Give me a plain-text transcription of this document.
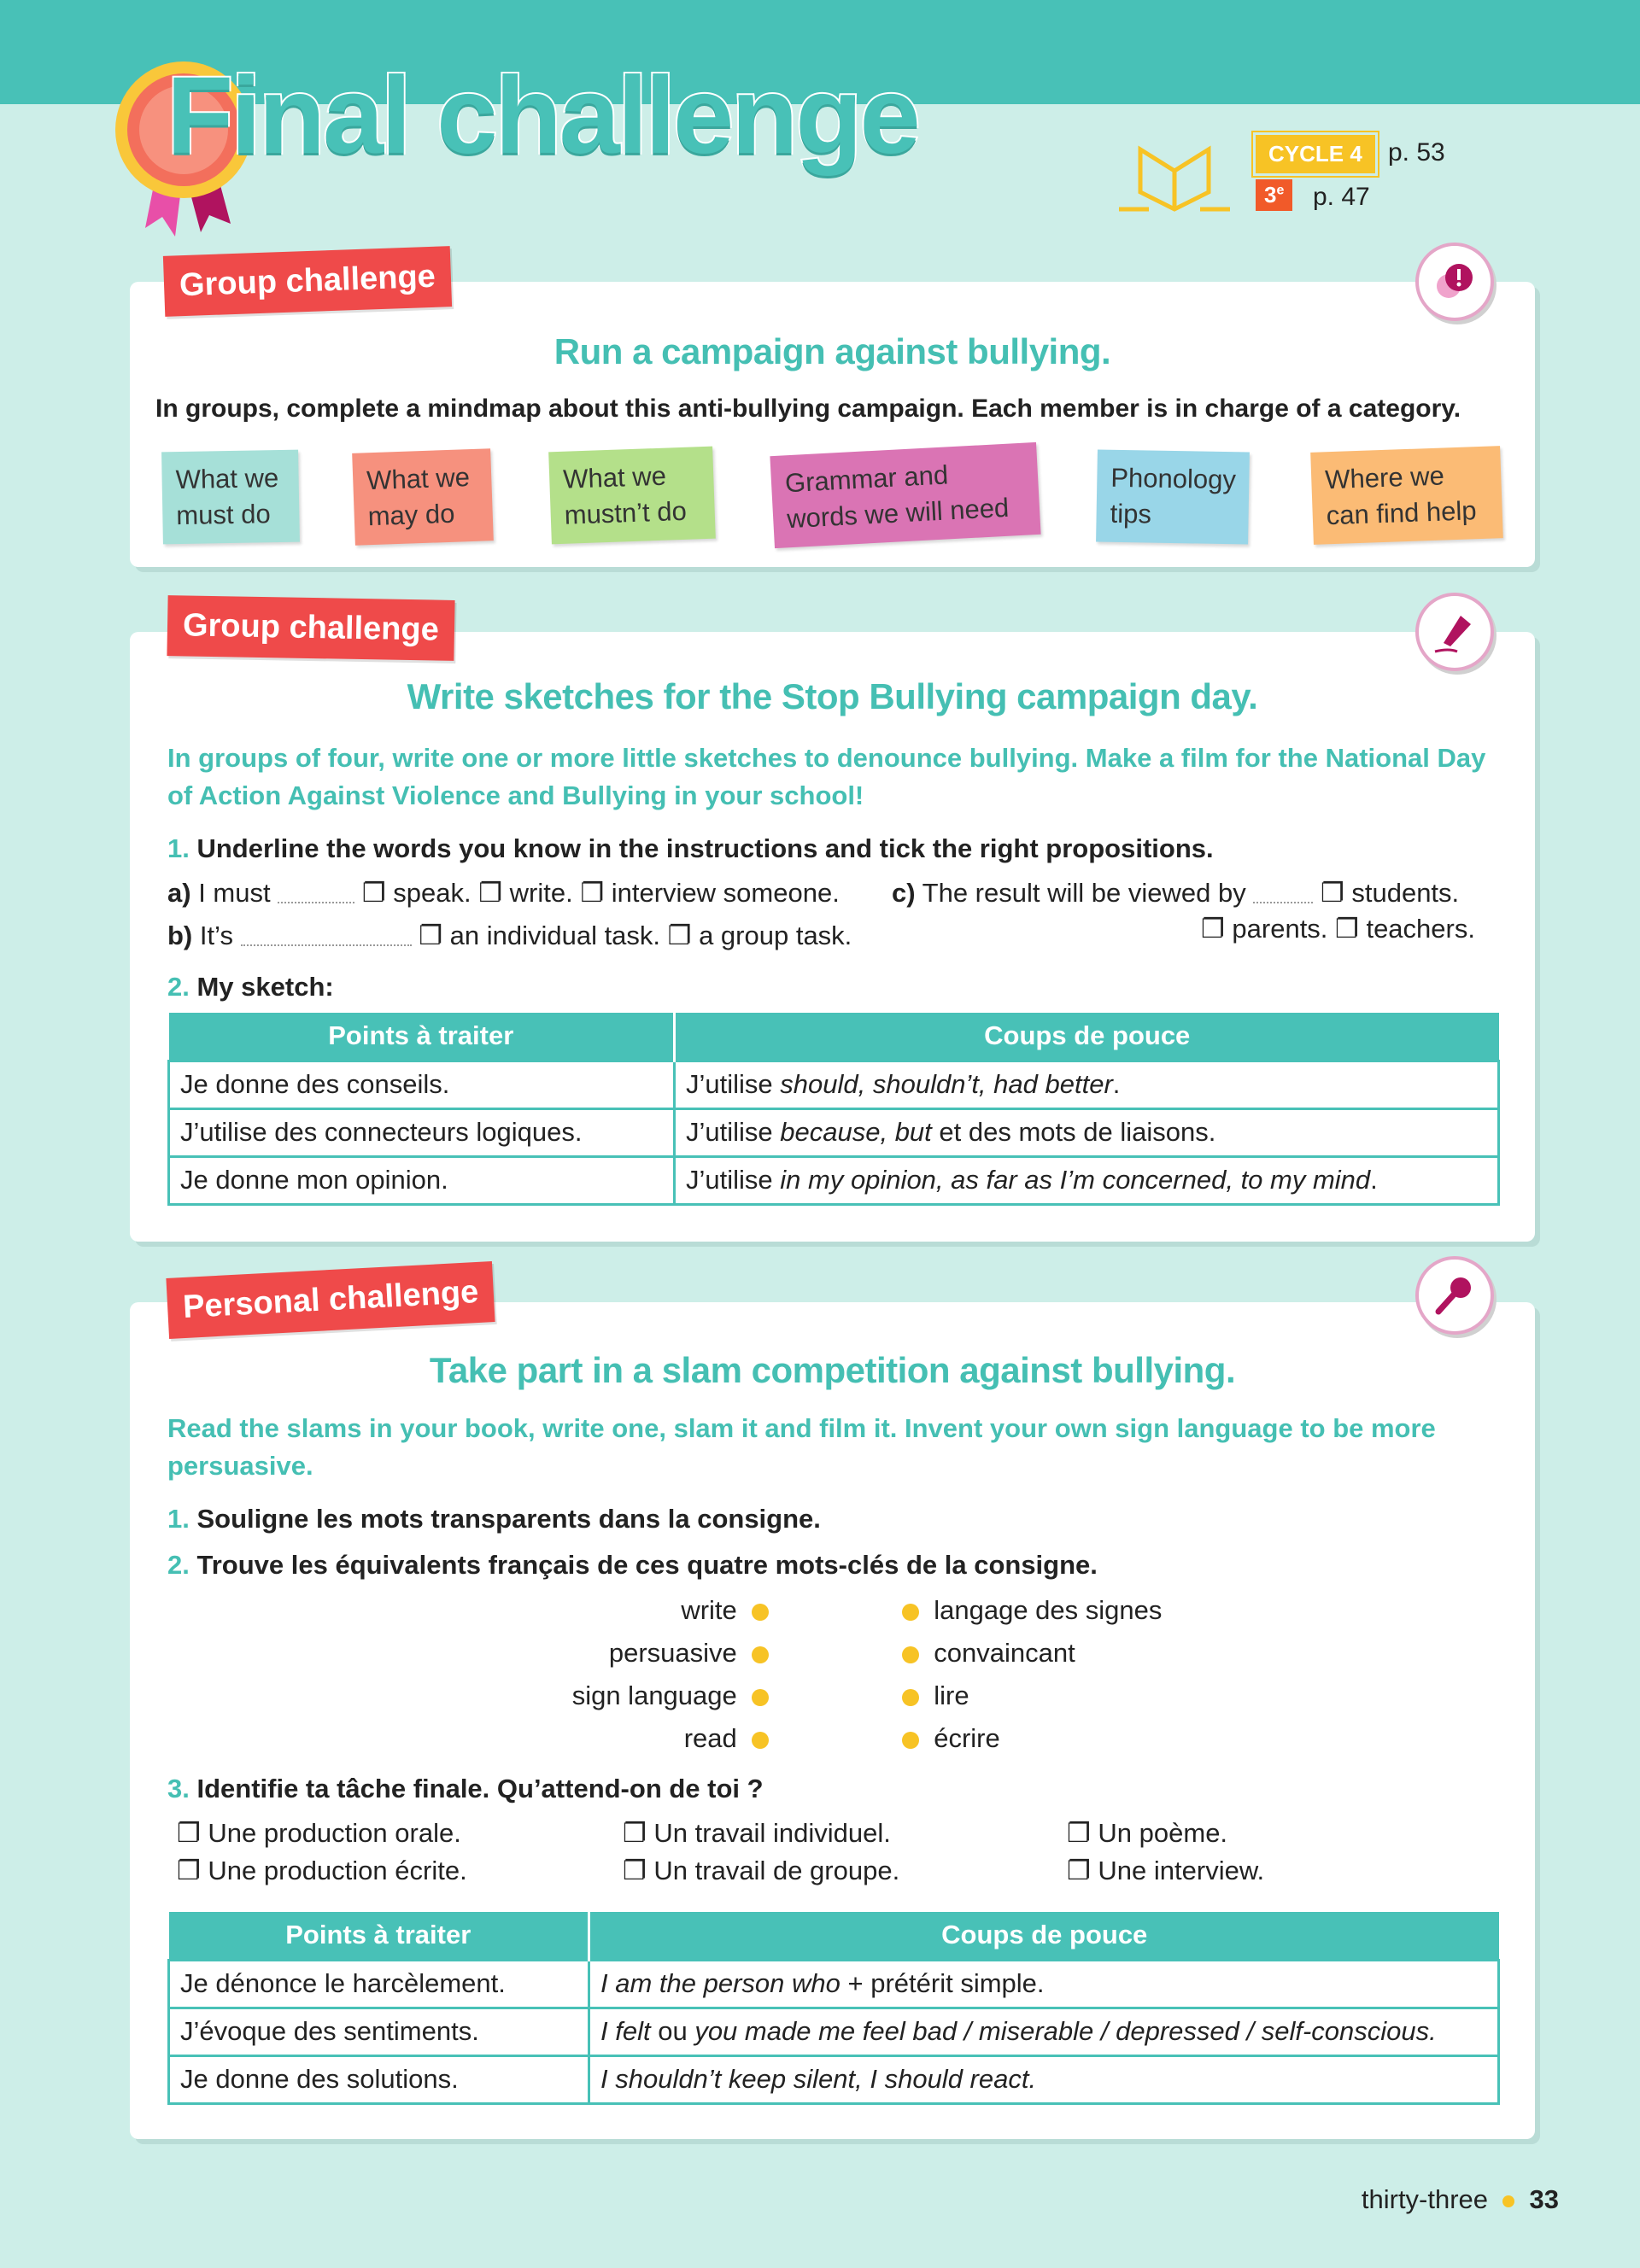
Final challenge	CYCLE 4	p. 53
3e	p. 47
Group challenge
Run a campaign against bullying.
In groups, complete a mindmap about this anti-bullying campaign. Each member is in charge of a category.
What we
must do
What we
may do
What we
mustn’t do
Grammar and
words we will need
Phonology
tips
Where we
can find help
Group challenge
Write sketches for the Stop Bullying campaign day.
In groups of four, write one or more little sketches to denounce bullying. Make a film for the National Day of Action Against Violence and Bullying in your school!
1. Underline the words you know in the instructions and tick the right propositions.
a) I must	❐ speak. ❐ write. ❐ interview someone.
b) It’s	❐ an individual task. ❐ a group task.
c) The result will be viewed by	❐ students.
❐ parents. ❐ teachers.
2. My sketch:
Points à traiter	Coups de pouce
Je donne des conseils.	J’utilise should, shouldn’t, had better.
J’utilise des connecteurs logiques.	J’utilise because, but et des mots de liaisons.
Je donne mon opinion.	J’utilise in my opinion, as far as I’m concerned, to my mind.
Personal challenge
Take part in a slam competition against bullying.
Read the slams in your book, write one, slam it and film it. Invent your own sign language to be more persuasive.
1. Souligne les mots transparents dans la consigne.
2. Trouve les équivalents français de ces quatre mots-clés de la consigne.
write
persuasive
sign language
read
langage des signes
convaincant
lire
écrire
3. Identifie ta tâche finale. Qu’attend-on de toi ?
❐ Une production orale.
❐ Une production écrite.
❐ Un travail individuel.
❐ Un travail de groupe.
❐ Un poème.
❐ Une interview.
Points à traiter	Coups de pouce
Je dénonce le harcèlement.	I am the person who + prétérit simple.
J’évoque des sentiments.	I felt ou you made me feel bad / miserable / depressed / self-conscious.
Je donne des solutions.	I shouldn’t keep silent, I should react.
thirty-three 33
